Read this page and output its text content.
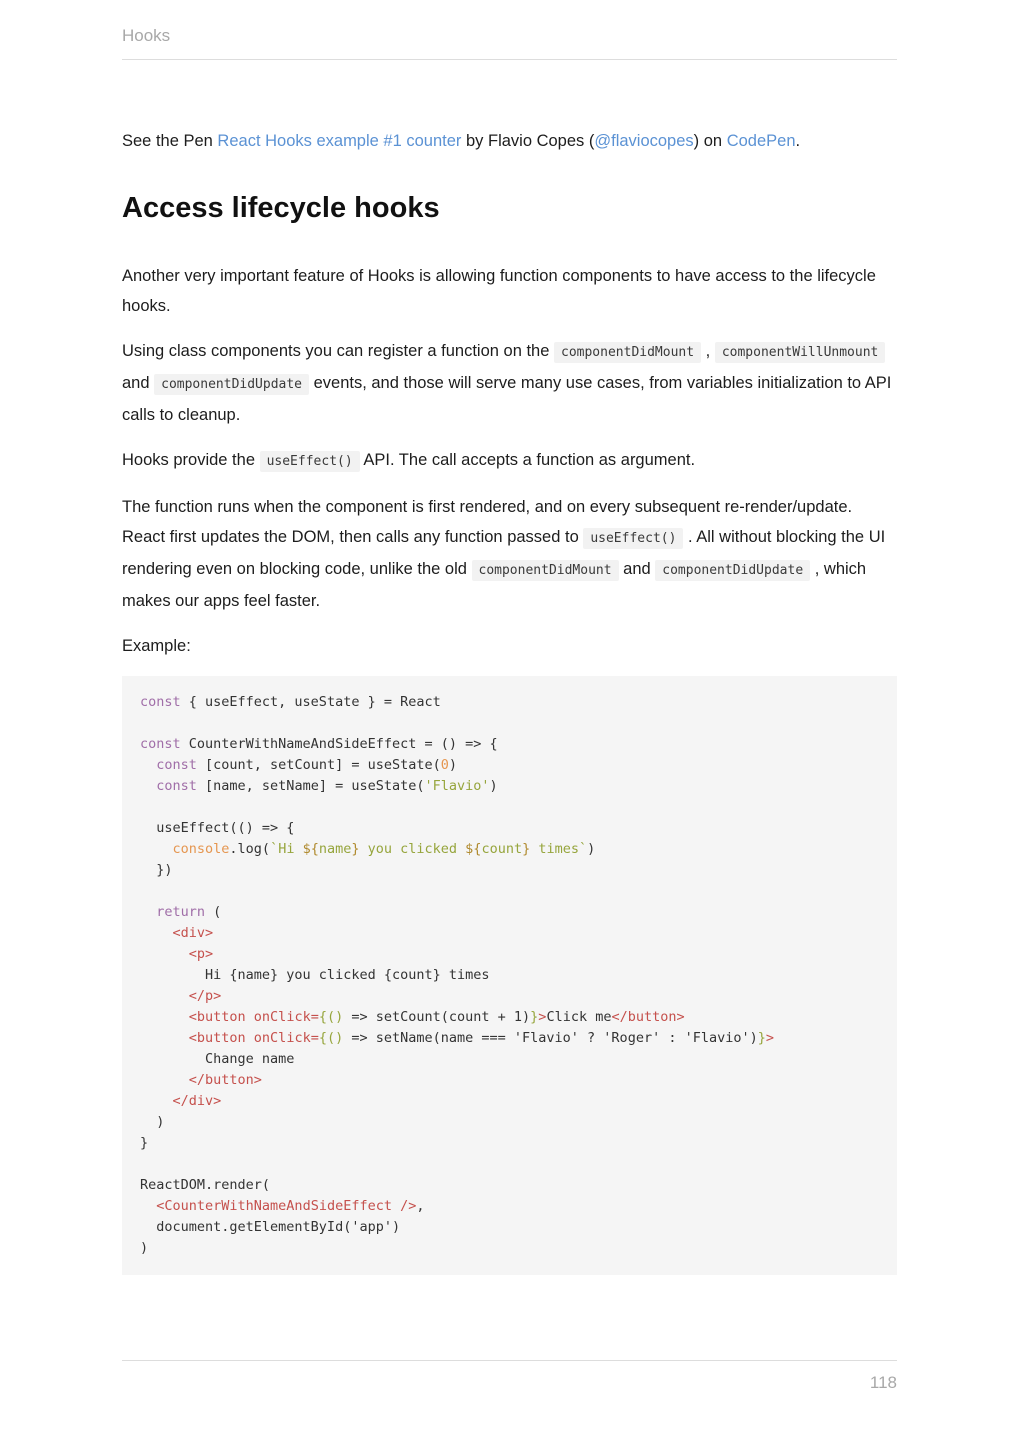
Hooks

See the Pen React Hooks example #1 counter by Flavio Copes (@flaviocopes) on CodePen.

Access lifecycle hooks

Another very important feature of Hooks is allowing function components to have access to the lifecycle hooks.

Using class components you can register a function on the componentDidMount , componentWillUnmount and componentDidUpdate events, and those will serve many use cases, from variables initialization to API calls to cleanup.

Hooks provide the useEffect() API. The call accepts a function as argument.

The function runs when the component is first rendered, and on every subsequent re-render/update. React first updates the DOM, then calls any function passed to useEffect() . All without blocking the UI rendering even on blocking code, unlike the old componentDidMount and componentDidUpdate , which makes our apps feel faster.

Example:

const { useEffect, useState } = React

const CounterWithNameAndSideEffect = () => {
const [count, setCount] = useState(0)
const [name, setName] = useState('Flavio')

useEffect(() => {
console.log(`Hi ${name} you clicked ${count} times`)
})

return (
<div>
<p>
Hi {name} you clicked {count} times
</p>
<button onClick={() => setCount(count + 1)}>Click me</button>
<button onClick={() => setName(name === 'Flavio' ? 'Roger' : 'Flavio')}>
Change name
</button>
</div>
)
}

ReactDOM.render(
<CounterWithNameAndSideEffect />,
document.getElementById('app')
)
118
